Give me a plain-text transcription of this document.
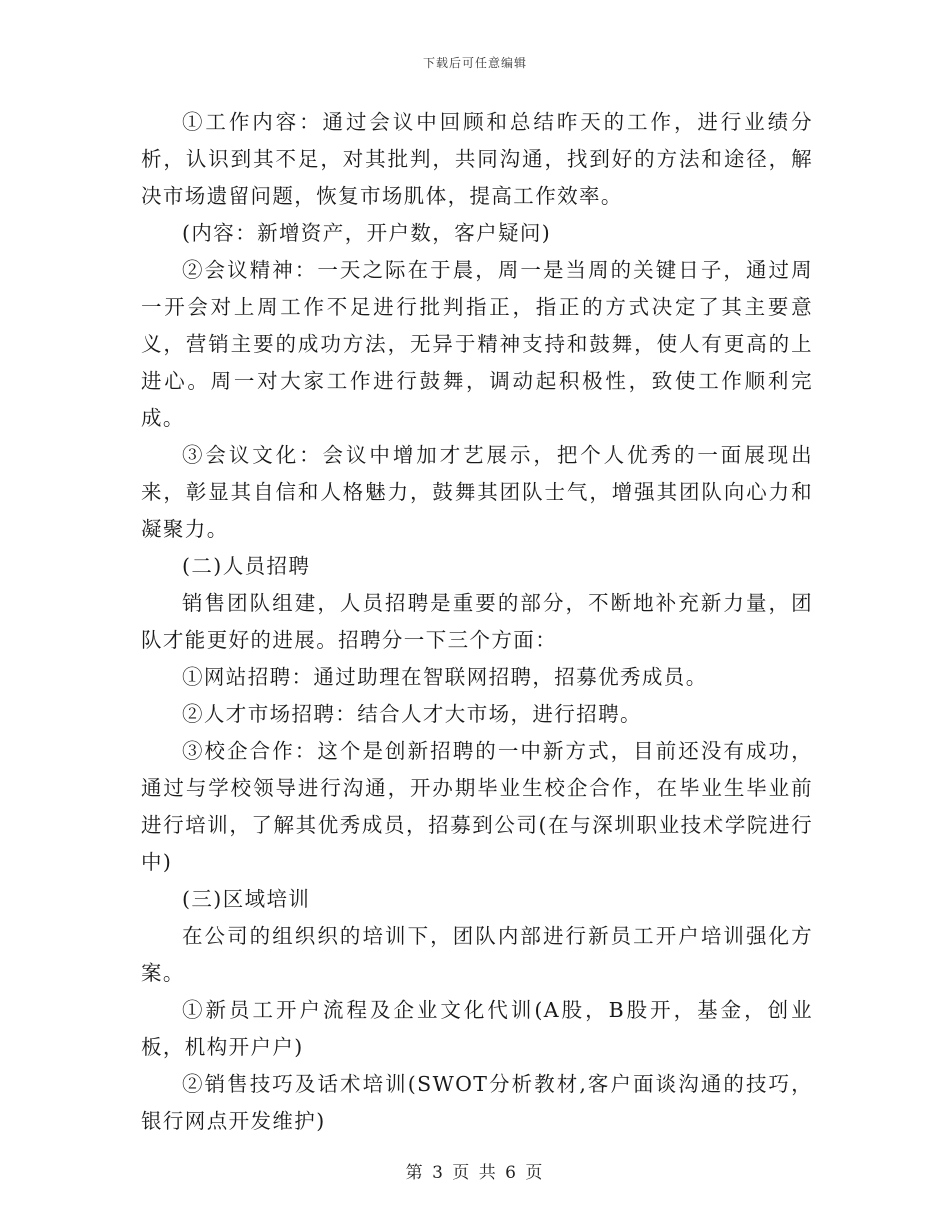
下载后可任意编辑

①工作内容：通过会议中回顾和总结昨天的工作，进行业绩分析，认识到其不足，对其批判，共同沟通，找到好的方法和途径，解决市场遗留问题，恢复市场肌体，提高工作效率。

(内容：新增资产，开户数，客户疑问)

②会议精神：一天之际在于晨，周一是当周的关键日子，通过周一开会对上周工作不足进行批判指正，指正的方式决定了其主要意义，营销主要的成功方法，无异于精神支持和鼓舞，使人有更高的上进心。周一对大家工作进行鼓舞，调动起积极性，致使工作顺利完成。

③会议文化：会议中增加才艺展示，把个人优秀的一面展现出来，彰显其自信和人格魅力，鼓舞其团队士气，增强其团队向心力和凝聚力。

(二)人员招聘

销售团队组建，人员招聘是重要的部分，不断地补充新力量，团队才能更好的进展。招聘分一下三个方面：

①网站招聘：通过助理在智联网招聘，招募优秀成员。

②人才市场招聘：结合人才大市场，进行招聘。

③校企合作：这个是创新招聘的一中新方式，目前还没有成功，通过与学校领导进行沟通，开办期毕业生校企合作，在毕业生毕业前进行培训，了解其优秀成员，招募到公司(在与深圳职业技术学院进行中)

(三)区域培训

在公司的组织织的培训下，团队内部进行新员工开户培训强化方案。

①新员工开户流程及企业文化代训(A股，B股开，基金，创业板，机构开户户)

②销售技巧及话术培训(SWOT分析教材,客户面谈沟通的技巧，银行网点开发维护)

第 3 页 共 6 页
